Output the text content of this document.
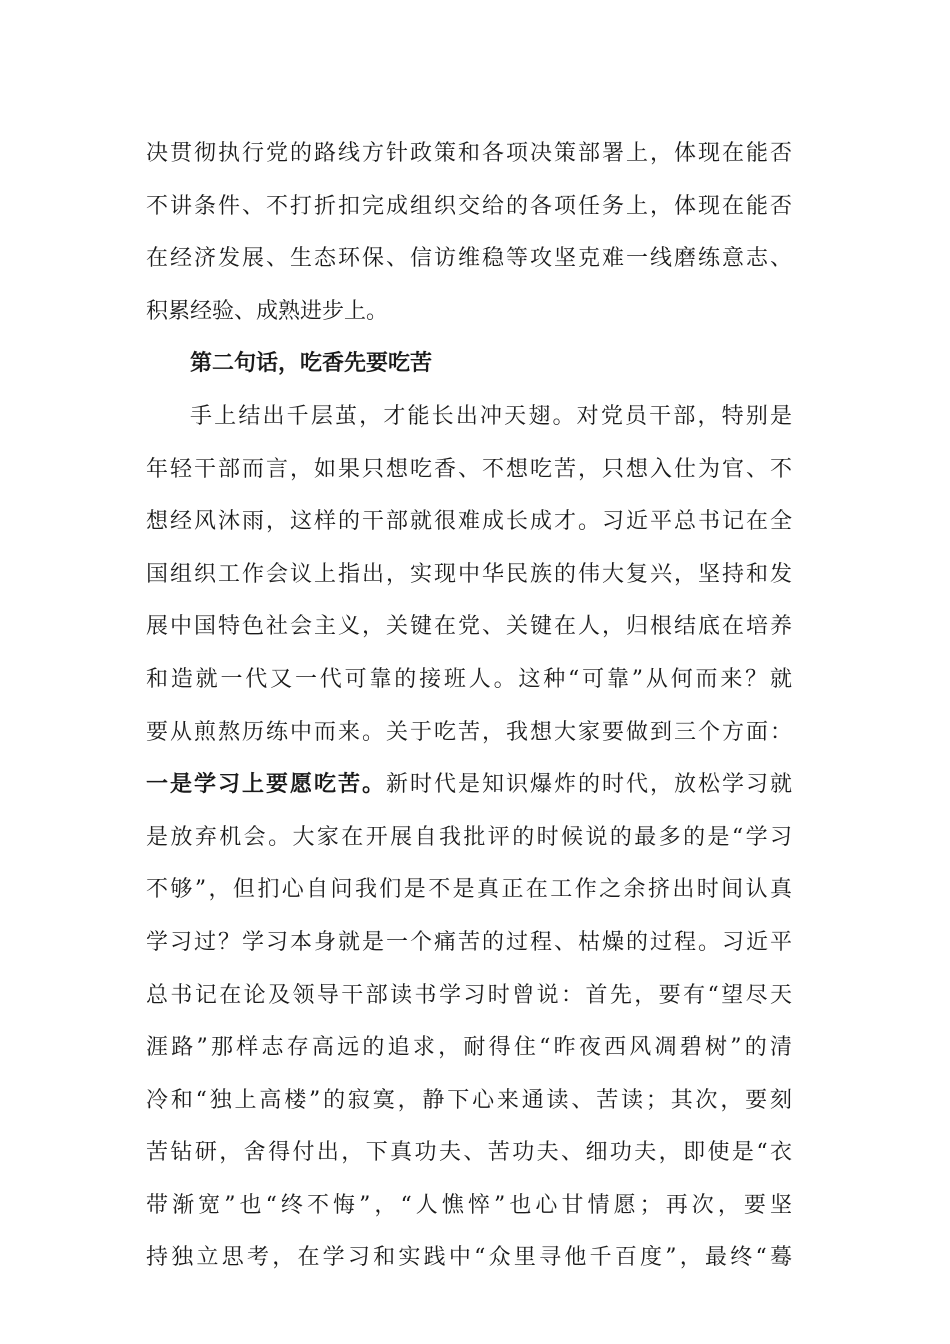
决贯彻执行党的路线方针政策和各项决策部署上，体现在能否
不讲条件、不打折扣完成组织交给的各项任务上，体现在能否
在经济发展、生态环保、信访维稳等攻坚克难一线磨练意志、
积累经验、成熟进步上。
第二句话，吃香先要吃苦
手上结出千层茧，才能长出冲天翅。对党员干部，特别是
年轻干部而言，如果只想吃香、不想吃苦，只想入仕为官、不
想经风沐雨，这样的干部就很难成长成才。习近平总书记在全
国组织工作会议上指出，实现中华民族的伟大复兴，坚持和发
展中国特色社会主义，关键在党、关键在人，归根结底在培养
和造就一代又一代可靠的接班人。这种“可靠”从何而来？就
要从煎熬历练中而来。关于吃苦，我想大家要做到三个方面：
一是学习上要愿吃苦。新时代是知识爆炸的时代，放松学习就
是放弃机会。大家在开展自我批评的时候说的最多的是“学习
不够”，但扪心自问我们是不是真正在工作之余挤出时间认真
学习过？学习本身就是一个痛苦的过程、枯燥的过程。习近平
总书记在论及领导干部读书学习时曾说：首先，要有“望尽天
涯路”那样志存高远的追求，耐得住“昨夜西风凋碧树”的清
冷和“独上高楼”的寂寞，静下心来通读、苦读；其次，要刻
苦钻研，舍得付出，下真功夫、苦功夫、细功夫，即使是“衣
带渐宽”也“终不悔”，“人憔悴”也心甘情愿；再次，要坚
持独立思考，在学习和实践中“众里寻他千百度”，最终“蓦
